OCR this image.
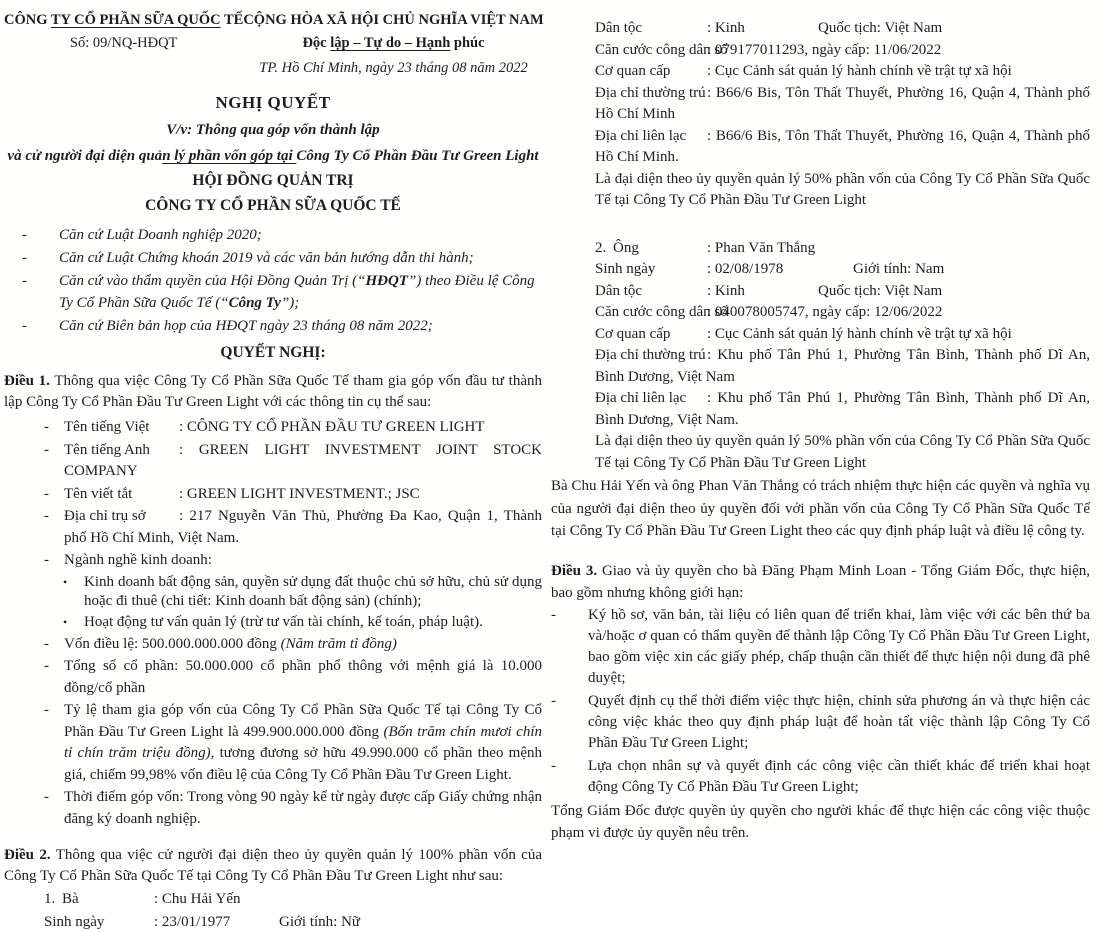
CÔNG TY CỔ PHẦN SỮA QUỐC TẾ
Số: 09/NQ-HĐQT
CỘNG HÒA XÃ HỘI CHỦ NGHĨA VIỆT NAM
Độc lập – Tự do – Hạnh phúc
TP. Hồ Chí Minh, ngày 23 tháng 08 năm 2022
NGHỊ QUYẾT
V/v: Thông qua góp vốn thành lập
và cử người đại diện quản lý phần vốn góp tại Công Ty Cổ Phần Đầu Tư Green Light
HỘI ĐỒNG QUẢN TRỊ
CÔNG TY CỔ PHẦN SỮA QUỐC TẾ
-	Căn cứ Luật Doanh nghiệp 2020;
-	Căn cứ Luật Chứng khoán 2019 và các văn bản hướng dẫn thi hành;
-	Căn cứ vào thẩm quyền của Hội Đồng Quản Trị (“HĐQT”) theo Điều lệ Công Ty Cổ Phần Sữa Quốc Tế (“Công Ty”);
-	Căn cứ Biên bản họp của HĐQT ngày 23 tháng 08 năm 2022;
QUYẾT NGHỊ:
Điều 1. Thông qua việc Công Ty Cổ Phần Sữa Quốc Tế tham gia góp vốn đầu tư thành lập Công Ty Cổ Phần Đầu Tư Green Light với các thông tin cụ thể sau:
-	Tên tiếng Việt : CÔNG TY CỔ PHẦN ĐẦU TƯ GREEN LIGHT
-	Tên tiếng Anh : GREEN LIGHT INVESTMENT JOINT STOCK COMPANY
-	Tên viết tắt	: GREEN LIGHT INVESTMENT.; JSC
-	Địa chỉ trụ sở : 217 Nguyễn Văn Thủ, Phường Đa Kao, Quận 1, Thành phố Hồ Chí Minh, Việt Nam.
-	Ngành nghề kinh doanh:
•	Kinh doanh bất động sản, quyền sử dụng đất thuộc chủ sở hữu, chủ sử dụng hoặc đi thuê (chi tiết: Kinh doanh bất động sản) (chính);
•	Hoạt động tư vấn quản lý (trừ tư vấn tài chính, kế toán, pháp luật).
-	Vốn điều lệ: 500.000.000.000 đồng (Năm trăm tỉ đồng)
-	Tổng số cổ phần: 50.000.000 cổ phần phổ thông với mệnh giá là 10.000 đồng/cổ phần
-	Tỷ lệ tham gia góp vốn của Công Ty Cổ Phần Sữa Quốc Tế tại Công Ty Cổ Phần Đầu Tư Green Light là 499.900.000.000 đồng (Bốn trăm chín mươi chín tỉ chín trăm triệu đồng), tương đương sở hữu 49.990.000 cổ phần theo mệnh giá, chiếm 99,98% vốn điều lệ của Công Ty Cổ Phần Đầu Tư Green Light.
-	Thời điểm góp vốn: Trong vòng 90 ngày kể từ ngày được cấp Giấy chứng nhận đăng ký doanh nghiệp.
Điều 2. Thông qua việc cử người đại diện theo ủy quyền quản lý 100% phần vốn của Công Ty Cổ Phần Sữa Quốc Tế tại Công Ty Cổ Phần Đầu Tư Green Light như sau:
1. Bà	: Chu Hải Yến
Sinh ngày	: 23/01/1977	Giới tính: Nữ
Dân tộc	: Kinh	Quốc tịch: Việt Nam
Căn cước công dân số: 079177011293, ngày cấp: 11/06/2022
Cơ quan cấp : Cục Cảnh sát quản lý hành chính về trật tự xã hội
Địa chỉ thường trú: B66/6 Bis, Tôn Thất Thuyết, Phường 16, Quận 4, Thành phố Hồ Chí Minh
Địa chỉ liên lạc : B66/6 Bis, Tôn Thất Thuyết, Phường 16, Quận 4, Thành phố Hồ Chí Minh.
Là đại diện theo ủy quyền quản lý 50% phần vốn của Công Ty Cổ Phần Sữa Quốc Tế tại Công Ty Cổ Phần Đầu Tư Green Light
2. Ông	: Phan Văn Thắng
Sinh ngày	: 02/08/1978	Giới tính: Nam
Dân tộc	: Kinh	Quốc tịch: Việt Nam
Căn cước công dân số: 040078005747, ngày cấp: 12/06/2022
Cơ quan cấp : Cục Cảnh sát quản lý hành chính về trật tự xã hội
Địa chỉ thường trú: Khu phố Tân Phú 1, Phường Tân Bình, Thành phố Dĩ An, Bình Dương, Việt Nam
Địa chỉ liên lạc : Khu phố Tân Phú 1, Phường Tân Bình, Thành phố Dĩ An, Bình Dương, Việt Nam.
Là đại diện theo ủy quyền quản lý 50% phần vốn của Công Ty Cổ Phần Sữa Quốc Tế tại Công Ty Cổ Phần Đầu Tư Green Light
Bà Chu Hải Yến và ông Phan Văn Thắng có trách nhiệm thực hiện các quyền và nghĩa vụ của người đại diện theo ủy quyền đối với phần vốn của Công Ty Cổ Phần Sữa Quốc Tế tại Công Ty Cổ Phần Đầu Tư Green Light theo các quy định pháp luật và điều lệ công ty.
Điều 3. Giao và ủy quyền cho bà Đăng Phạm Minh Loan - Tổng Giám Đốc, thực hiện, bao gồm nhưng không giới hạn:
-	Ký hồ sơ, văn bản, tài liệu có liên quan để triển khai, làm việc với các bên thứ ba và/hoặc ơ quan có thẩm quyền để thành lập Công Ty Cổ Phần Đầu Tư Green Light, bao gồm việc xin các giấy phép, chấp thuận cần thiết để thực hiện nội dung đã phê duyệt;
-	Quyết định cụ thể thời điểm việc thực hiện, chỉnh sửa phương án và thực hiện các công việc khác theo quy định pháp luật để hoàn tất việc thành lập Công Ty Cổ Phần Đầu Tư Green Light;
-	Lựa chọn nhân sự và quyết định các công việc cần thiết khác để triển khai hoạt động Công Ty Cổ Phần Đầu Tư Green Light;
Tổng Giám Đốc được quyền ủy quyền cho người khác để thực hiện các công việc thuộc phạm vi được ủy quyền nêu trên.
